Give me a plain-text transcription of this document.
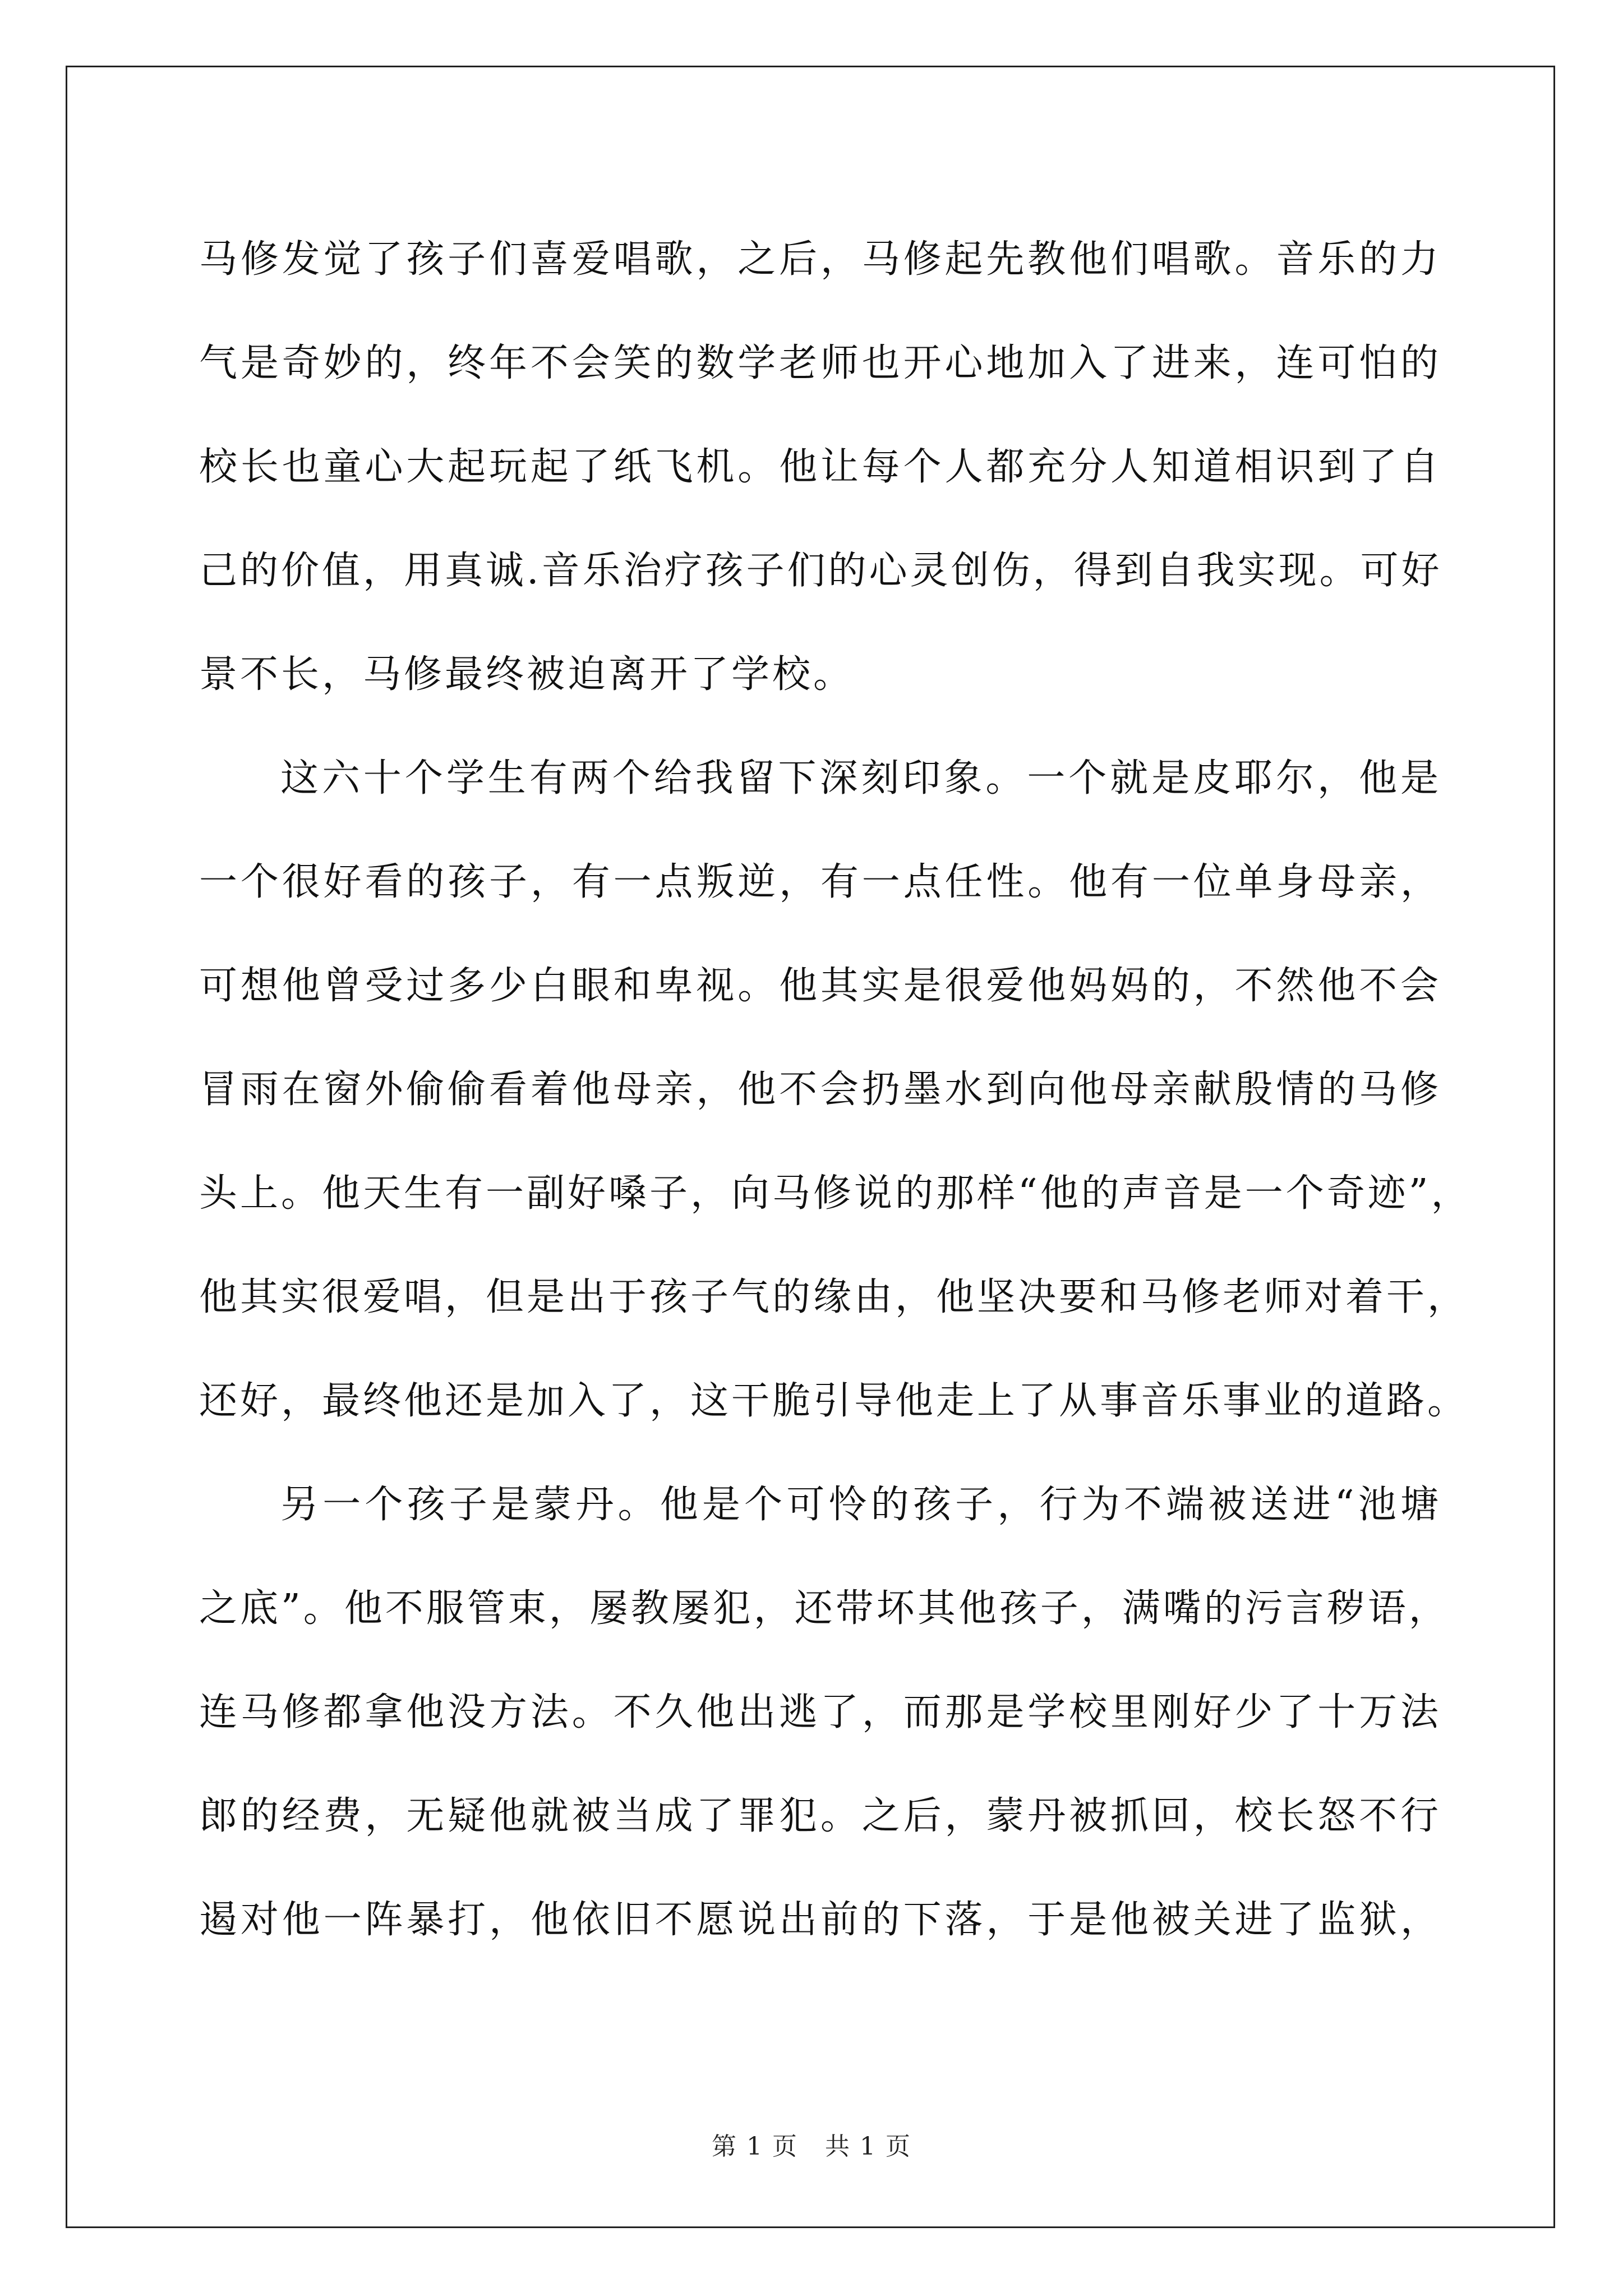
马修发觉了孩子们喜爱唱歌，之后，马修起先教他们唱歌。音乐的力
气是奇妙的，终年不会笑的数学老师也开心地加入了进来，连可怕的
校长也童心大起玩起了纸飞机。他让每个人都充分人知道相识到了自
己的价值，用真诚.音乐治疗孩子们的心灵创伤，得到自我实现。可好
景不长，马修最终被迫离开了学校。
这六十个学生有两个给我留下深刻印象。一个就是皮耶尔，他是
一个很好看的孩子，有一点叛逆，有一点任性。他有一位单身母亲，
可想他曾受过多少白眼和卑视。他其实是很爱他妈妈的，不然他不会
冒雨在窗外偷偷看着他母亲，他不会扔墨水到向他母亲献殷情的马修
头上。他天生有一副好嗓子，向马修说的那样“他的声音是一个奇迹”，
他其实很爱唱，但是出于孩子气的缘由，他坚决要和马修老师对着干，
还好，最终他还是加入了，这干脆引导他走上了从事音乐事业的道路。
另一个孩子是蒙丹。他是个可怜的孩子，行为不端被送进“池塘
之底”。他不服管束，屡教屡犯，还带坏其他孩子，满嘴的污言秽语，
连马修都拿他没方法。不久他出逃了，而那是学校里刚好少了十万法
郎的经费，无疑他就被当成了罪犯。之后，蒙丹被抓回，校长怒不行
遏对他一阵暴打，他依旧不愿说出前的下落，于是他被关进了监狱，
第 1 页 共 1 页
